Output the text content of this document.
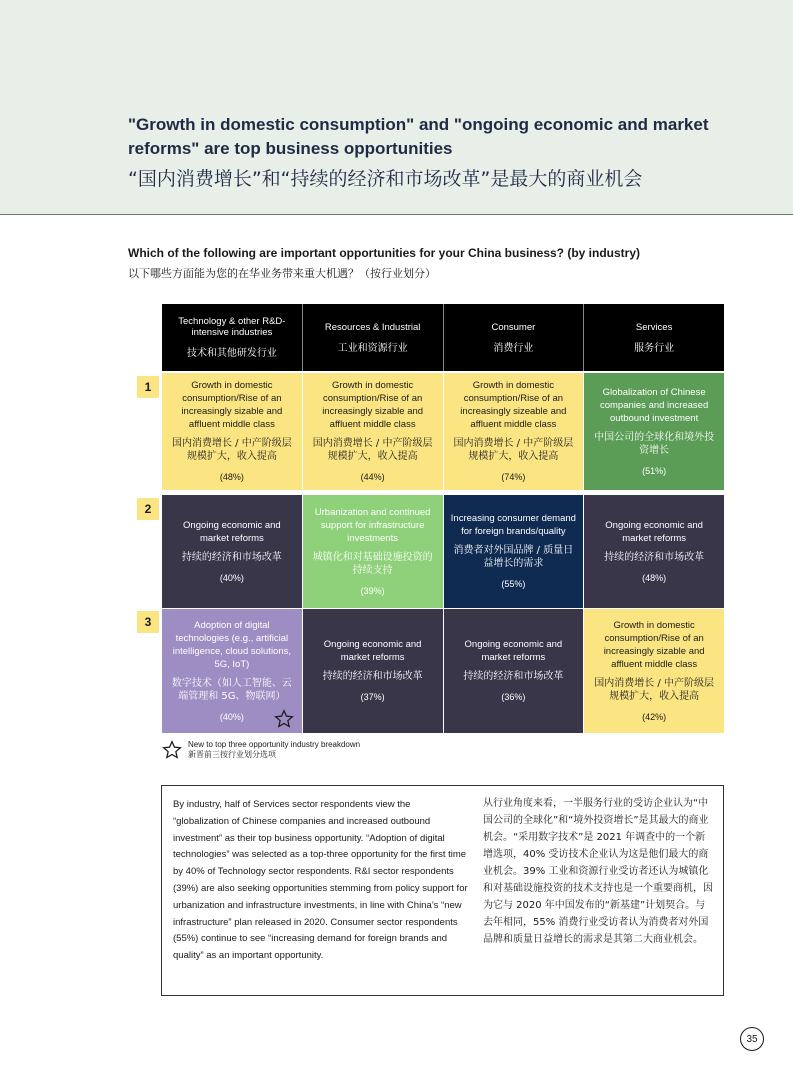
"Growth in domestic consumption" and "ongoing economic and market reforms" are top business opportunities
“国内消费增长”和“持续的经济和市场改革”是最大的商业机会
Which of the following are important opportunities for your China business? (by industry)
以下哪些方面能为您的在华业务带来重大机遇？（按行业划分）
1
2
3
Technology & other R&D-intensive industries
技术和其他研发行业
Resources & Industrial
工业和资源行业
Consumer
消费行业
Services
服务行业
Growth in domestic consumption/Rise of an increasingly sizable and affluent middle class
国内消费增长 / 中产阶级层规模扩大，收入提高
(48%)
Growth in domestic consumption/Rise of an increasingly sizable and affluent middle class
国内消费增长 / 中产阶级层规模扩大，收入提高
(44%)
Growth in domestic consumption/Rise of an increasingly sizeable and affluent middle class
国内消费增长 / 中产阶级层规模扩大，收入提高
(74%)
Globalization of Chinese companies and increased outbound investment
中国公司的全球化和境外投资增长
(51%)
Ongoing economic and market reforms
持续的经济和市场改革
(40%)
Urbanization and continued support for infrastructure investments
城镇化和对基础设施投资的持续支持
(39%)
Increasing consumer demand for foreign brands/quality
消费者对外国品牌 / 质量日益增长的需求
(55%)
Ongoing economic and market reforms
持续的经济和市场改革
(48%)
Adoption of digital technologies (e.g., artificial intelligence, cloud solutions, 5G, IoT)
数字技术（如人工智能、云端管理和 5G、物联网）
(40%)
Ongoing economic and market reforms
持续的经济和市场改革
(37%)
Ongoing economic and market reforms
持续的经济和市场改革
(36%)
Growth in domestic consumption/Rise of an increasingly sizable and affluent middle class
国内消费增长 / 中产阶级层规模扩大，收入提高
(42%)
New to top three opportunity industry breakdown
新晋前三按行业划分选项
By industry, half of Services sector respondents view the “globalization of Chinese companies and increased outbound investment” as their top business opportunity. “Adoption of digital technologies” was selected as a top-three opportunity for the first time by 40% of Technology sector respondents. R&I sector respondents (39%) are also seeking opportunities stemming from policy support for urbanization and infrastructure investments, in line with China’s “new infrastructure” plan released in 2020. Consumer sector respondents (55%) continue to see “increasing demand for foreign brands and quality” as an important opportunity.
从行业角度来看，一半服务行业的受访企业认为“中国公司的全球化”和“境外投资增长”是其最大的商业机会。“采用数字技术”是 2021 年调查中的一个新增选项，40% 受访技术企业认为这是他们最大的商业机会。39% 工业和资源行业受访者还认为城镇化和对基础设施投资的技术支持也是一个重要商机，因为它与 2020 年中国发布的“新基建”计划契合。与去年相同，55% 消费行业受访者认为消费者对外国品牌和质量日益增长的需求是其第二大商业机会。
35
